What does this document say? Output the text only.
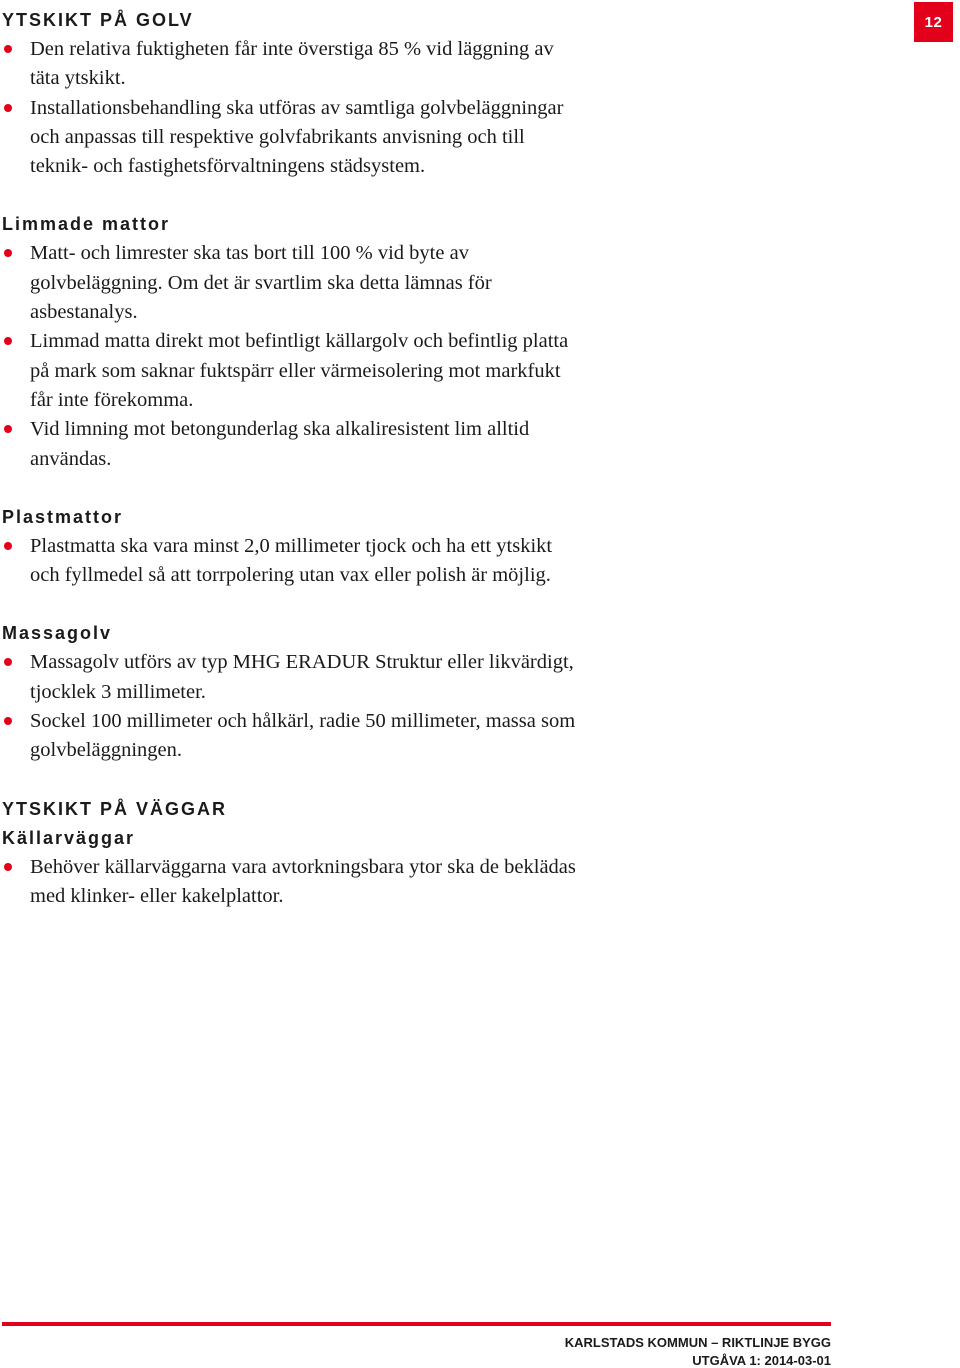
12
YTSKIKT PÅ GOLV
Den relativa fuktigheten får inte överstiga 85 % vid läggning av täta ytskikt.
Installationsbehandling ska utföras av samtliga golvbeläggningar och anpassas till respektive golvfabrikants anvisning och till teknik- och fastighetsförvaltningens städsystem.
Limmade mattor
Matt- och limrester ska tas bort till 100 % vid byte av golvbeläggning. Om det är svartlim ska detta lämnas för asbestanalys.
Limmad matta direkt mot befintligt källargolv och befintlig platta på mark som saknar fuktspärr eller värmeisolering mot markfukt får inte förekomma.
Vid limning mot betongunderlag ska alkaliresistent lim alltid användas.
Plastmattor
Plastmatta ska vara minst 2,0 millimeter tjock och ha ett ytskikt och fyllmedel så att torrpolering utan vax eller polish är möjlig.
Massagolv
Massagolv utförs av typ MHG ERADUR Struktur eller likvärdigt, tjocklek 3 millimeter.
Sockel 100 millimeter och hålkärl, radie 50 millimeter, massa som golvbeläggningen.
YTSKIKT PÅ VÄGGAR
Källarväggar
Behöver källarväggarna vara avtorkningsbara ytor ska de beklädas med klinker- eller kakelplattor.
KARLSTADS KOMMUN – RIKTLINJE BYGG
UTGÅVA 1: 2014-03-01
